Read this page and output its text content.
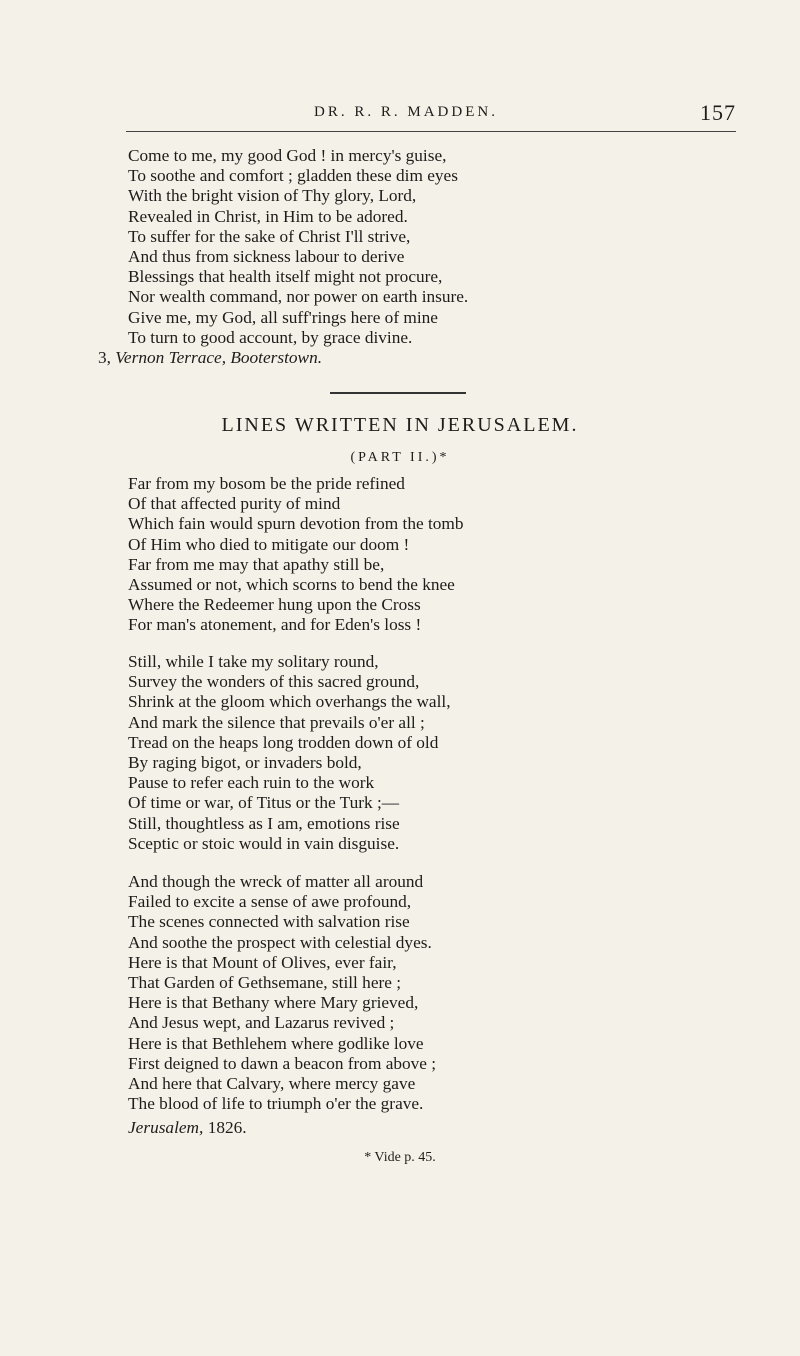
DR. R. R. MADDEN.	157
Come to me, my good God ! in mercy's guise,
To soothe and comfort ; gladden these dim eyes
With the bright vision of Thy glory, Lord,
Revealed in Christ, in Him to be adored.
To suffer for the sake of Christ I'll strive,
And thus from sickness labour to derive
Blessings that health itself might not procure,
Nor wealth command, nor power on earth insure.
Give me, my God, all suff'rings here of mine
To turn to good account, by grace divine.
3, Vernon Terrace, Booterstown.
LINES WRITTEN IN JERUSALEM.
(PART II.)*
Far from my bosom be the pride refined
Of that affected purity of mind
Which fain would spurn devotion from the tomb
Of Him who died to mitigate our doom !
Far from me may that apathy still be,
Assumed or not, which scorns to bend the knee
Where the Redeemer hung upon the Cross
For man's atonement, and for Eden's loss !
Still, while I take my solitary round,
Survey the wonders of this sacred ground,
Shrink at the gloom which overhangs the wall,
And mark the silence that prevails o'er all ;
Tread on the heaps long trodden down of old
By raging bigot, or invaders bold,
Pause to refer each ruin to the work
Of time or war, of Titus or the Turk ;—
Still, thoughtless as I am, emotions rise
Sceptic or stoic would in vain disguise.
And though the wreck of matter all around
Failed to excite a sense of awe profound,
The scenes connected with salvation rise
And soothe the prospect with celestial dyes.
Here is that Mount of Olives, ever fair,
That Garden of Gethsemane, still here ;
Here is that Bethany where Mary grieved,
And Jesus wept, and Lazarus revived ;
Here is that Bethlehem where godlike love
First deigned to dawn a beacon from above ;
And here that Calvary, where mercy gave
The blood of life to triumph o'er the grave.
Jerusalem, 1826.
* Vide p. 45.
